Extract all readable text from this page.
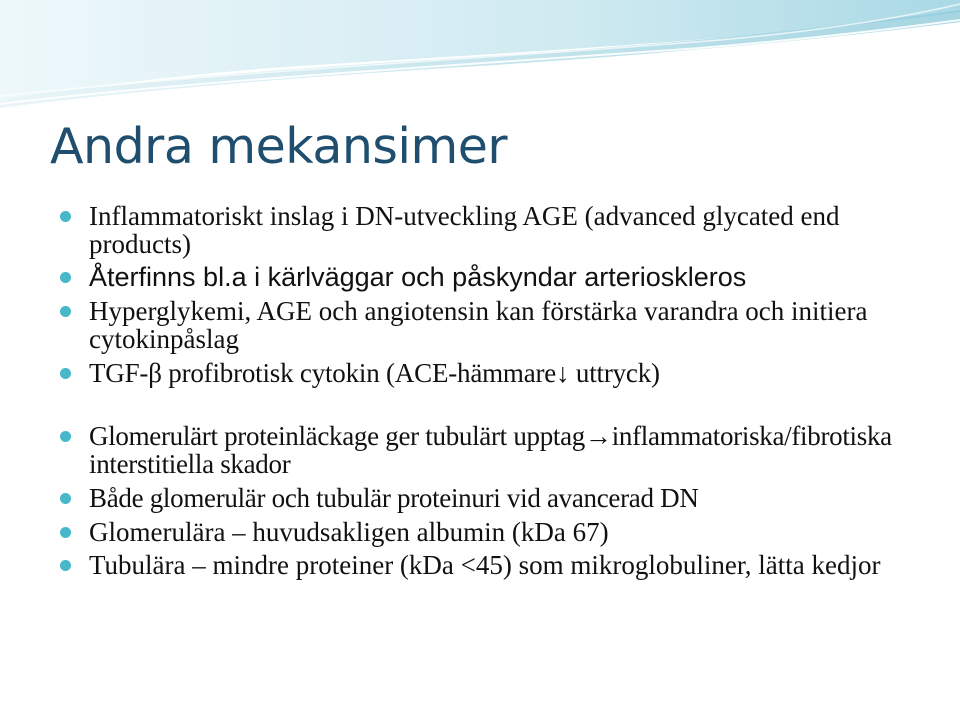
Andra mekansimer
Inflammatoriskt inslag i DN-utveckling AGE (advanced glycated end products)
Återfinns bl.a i kärlväggar och påskyndar arterioskleros
Hyperglykemi, AGE och angiotensin kan förstärka varandra och initiera cytokinpåslag
TGF-β profibrotisk cytokin (ACE-hämmare↓ uttryck)
Glomerulärt proteinläckage ger tubulärt upptag→inflammatoriska/fibrotiska interstitiella skador
Både glomerulär och tubulär proteinuri vid avancerad DN
Glomerulära – huvudsakligen albumin (kDa 67)
Tubulära – mindre proteiner (kDa <45) som mikroglobuliner, lätta kedjor
